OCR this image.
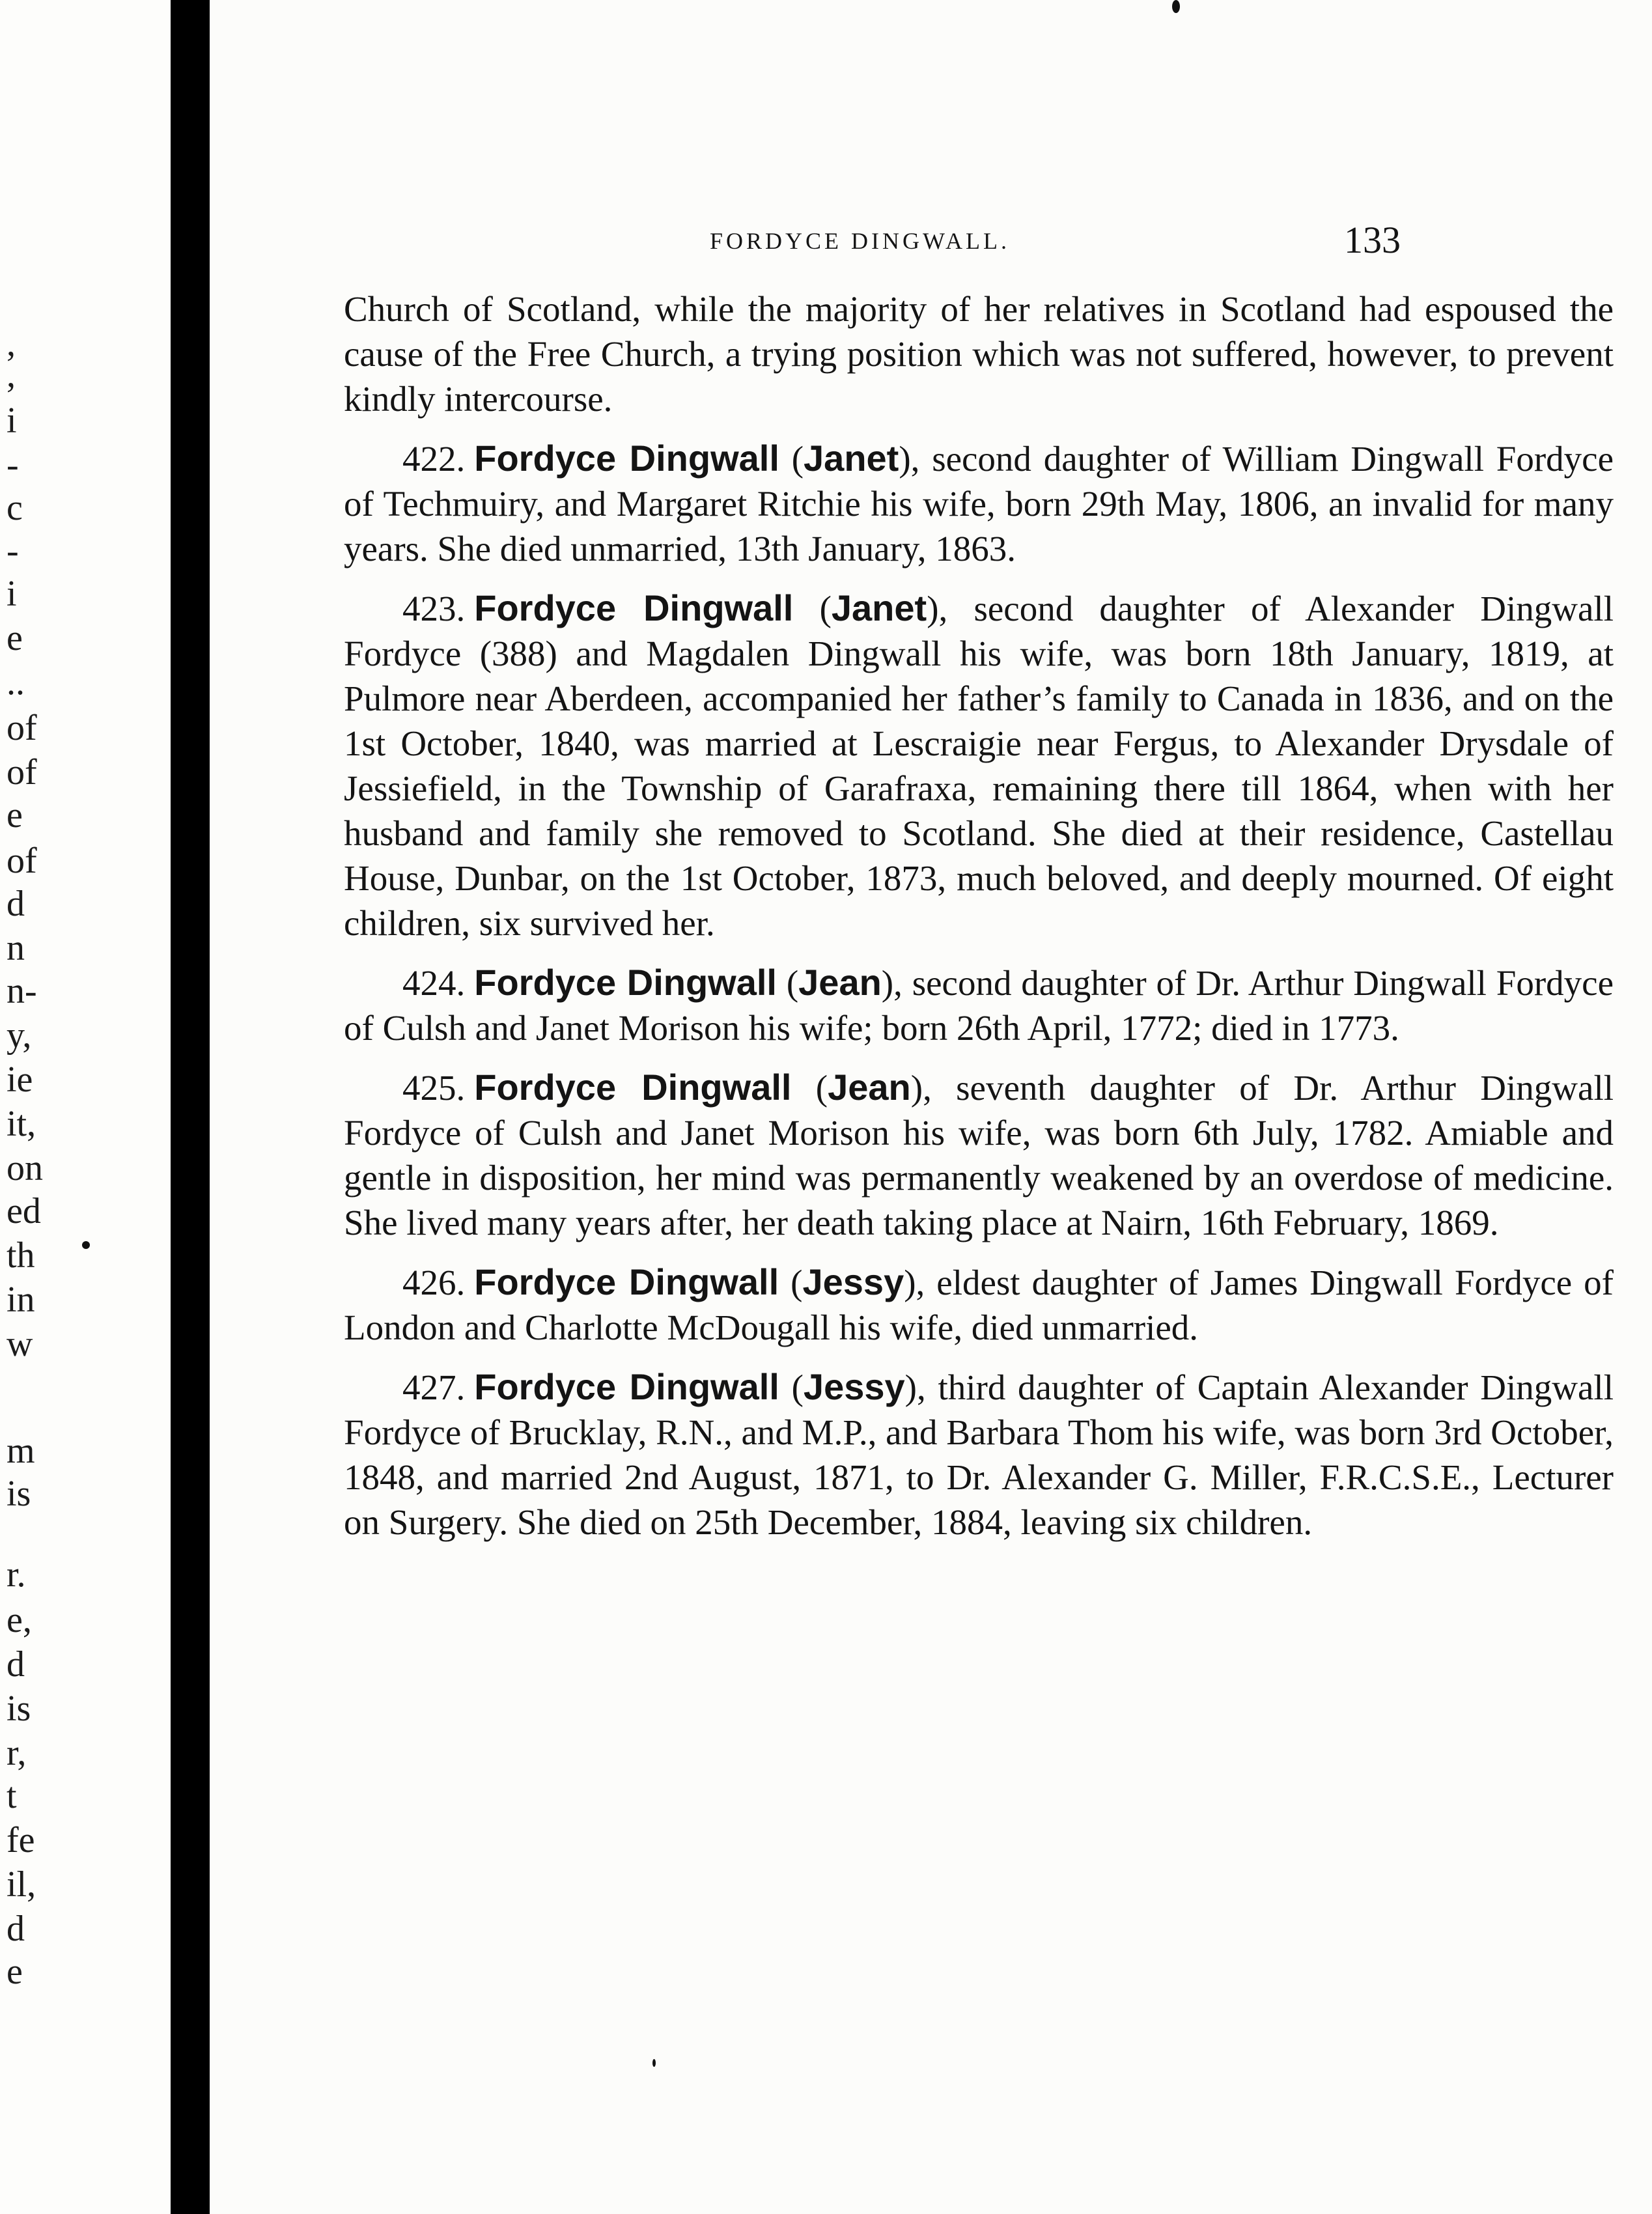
,
,
i
-
c
-
i
e
..
of
of
e
of
d
n
n-
y,
ie
it,
on
ed
th
in
w
m
is
r.
e,
d
is
r,
t
fe
il,
d
e
FORDYCE DINGWALL.	133

Church of Scotland, while the majority of her relatives in Scotland had espoused the cause of the Free Church, a trying position which was not suffered, however, to prevent kindly intercourse.

422. Fordyce Dingwall (Janet), second daughter of William Dingwall Fordyce of Techmuiry, and Margaret Ritchie his wife, born 29th May, 1806, an invalid for many years. She died unmarried, 13th January, 1863.

423. Fordyce Dingwall (Janet), second daughter of Alexander Dingwall Fordyce (388) and Magdalen Dingwall his wife, was born 18th January, 1819, at Pulmore near Aberdeen, accompanied her father’s family to Canada in 1836, and on the 1st October, 1840, was married at Lescraigie near Fergus, to Alexander Drysdale of Jessiefield, in the Township of Garafraxa, remaining there till 1864, when with her husband and family she removed to Scotland. She died at their residence, Castellau House, Dunbar, on the 1st October, 1873, much beloved, and deeply mourned. Of eight children, six survived her.

424. Fordyce Dingwall (Jean), second daughter of Dr. Arthur Dingwall Fordyce of Culsh and Janet Morison his wife; born 26th April, 1772; died in 1773.

425. Fordyce Dingwall (Jean), seventh daughter of Dr. Arthur Dingwall Fordyce of Culsh and Janet Morison his wife, was born 6th July, 1782. Amiable and gentle in disposition, her mind was permanently weakened by an overdose of medicine. She lived many years after, her death taking place at Nairn, 16th February, 1869.

426. Fordyce Dingwall (Jessy), eldest daughter of James Dingwall Fordyce of London and Charlotte McDougall his wife, died unmarried.

427. Fordyce Dingwall (Jessy), third daughter of Captain Alexander Dingwall Fordyce of Brucklay, R.N., and M.P., and Barbara Thom his wife, was born 3rd October, 1848, and married 2nd August, 1871, to Dr. Alexander G. Miller, F.R.C.S.E., Lecturer on Surgery. She died on 25th December, 1884, leaving six children.
